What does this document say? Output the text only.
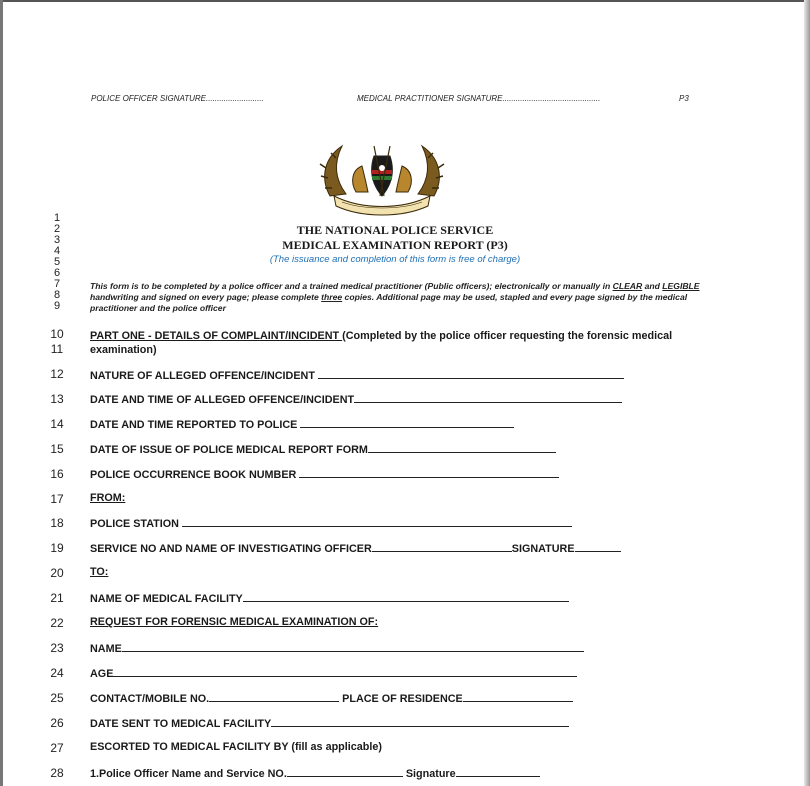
POLICE OFFICER SIGNATURE..........................	MEDICAL PRACTITIONER SIGNATURE............................................	P3
THE NATIONAL POLICE SERVICE
MEDICAL EXAMINATION REPORT (P3)
(The issuance and completion of this form is free of charge)
1
2
3
4
5
6
7
8
9
10
11
12
13
14
15
16
17
18
19
20
21
22
23
24
25
26
27
28
This form is to be completed by a police officer and a trained medical practitioner (Public officers); electronically or manually in CLEAR and LEGIBLE handwriting and signed on every page; please complete three copies. Additional page may be used, stapled and every page signed by the medical practitioner and the police officer
PART ONE - DETAILS OF COMPLAINT/INCIDENT (Completed by the police officer requesting the forensic medical examination)
NATURE OF ALLEGED OFFENCE/INCIDENT
DATE AND TIME OF ALLEGED OFFENCE/INCIDENT
DATE AND TIME REPORTED TO POLICE
DATE OF ISSUE OF POLICE MEDICAL REPORT FORM
POLICE OCCURRENCE BOOK NUMBER
FROM:
POLICE STATION
SERVICE NO AND NAME OF INVESTIGATING OFFICER	SIGNATURE
TO:
NAME OF MEDICAL FACILITY
REQUEST FOR FORENSIC MEDICAL EXAMINATION OF:
NAME
AGE
CONTACT/MOBILE NO.	PLACE OF RESIDENCE
DATE SENT TO MEDICAL FACILITY
ESCORTED TO MEDICAL FACILITY BY (fill as applicable)
1.Police Officer Name and Service NO.	Signature
